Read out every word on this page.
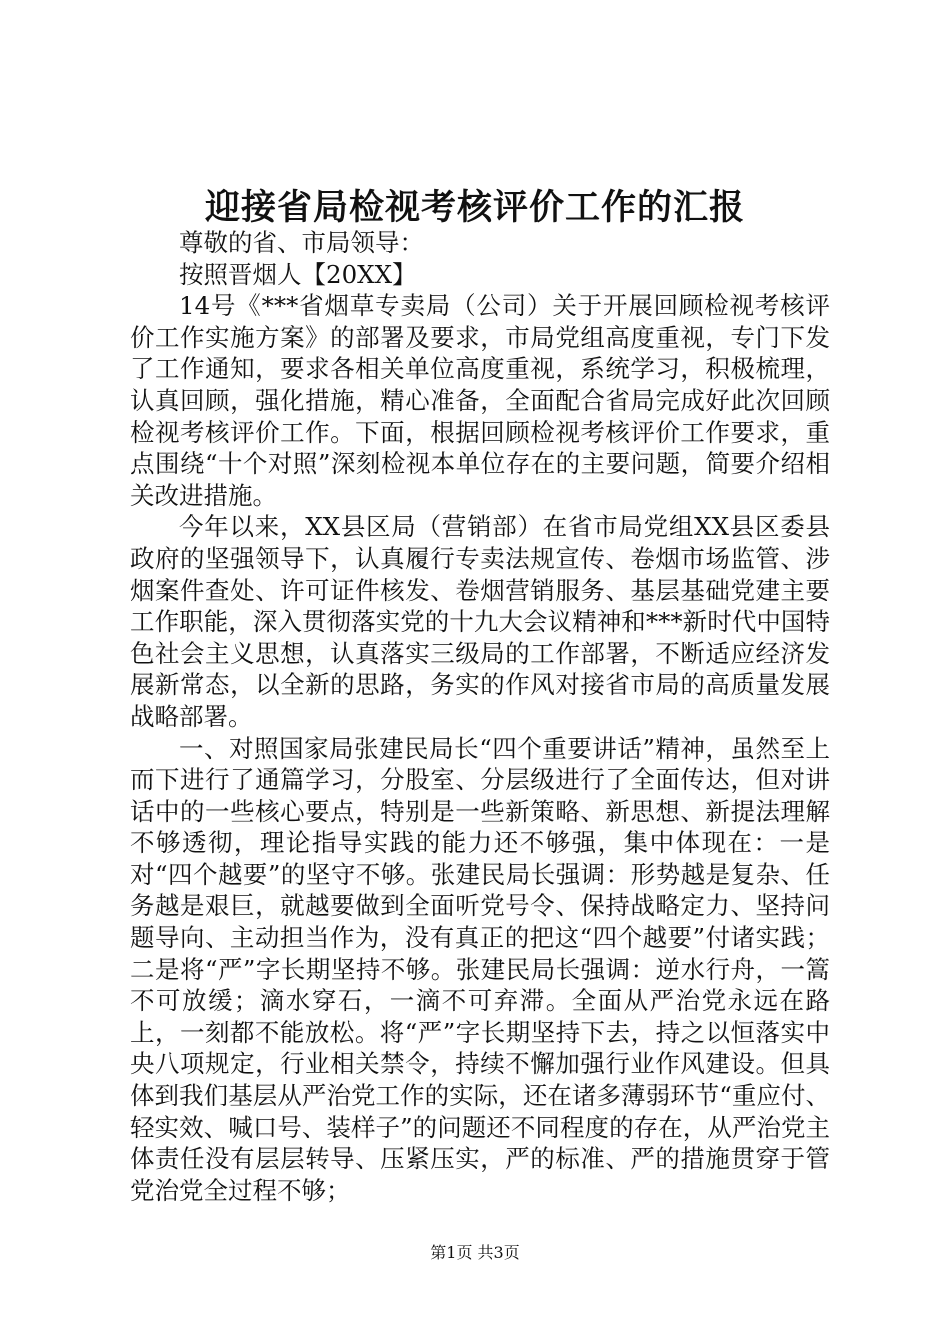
迎接省局检视考核评价工作的汇报

尊敬的省、市局领导：

按照晋烟人【20XX】

14号《***省烟草专卖局（公司）关于开展回顾检视考核评价工作实施方案》的部署及要求，市局党组高度重视，专门下发了工作通知，要求各相关单位高度重视，系统学习，积极梳理，认真回顾，强化措施，精心准备，全面配合省局完成好此次回顾检视考核评价工作。下面，根据回顾检视考核评价工作要求，重点围绕“十个对照”深刻检视本单位存在的主要问题，简要介绍相关改进措施。

今年以来，XX县区局（营销部）在省市局党组XX县区委县政府的坚强领导下，认真履行专卖法规宣传、卷烟市场监管、涉烟案件查处、许可证件核发、卷烟营销服务、基层基础党建主要工作职能，深入贯彻落实党的十九大会议精神和***新时代中国特色社会主义思想，认真落实三级局的工作部署，不断适应经济发展新常态，以全新的思路，务实的作风对接省市局的高质量发展战略部署。

一、对照国家局张建民局长“四个重要讲话”精神，虽然至上而下进行了通篇学习，分股室、分层级进行了全面传达，但对讲话中的一些核心要点，特别是一些新策略、新思想、新提法理解不够透彻，理论指导实践的能力还不够强，集中体现在：一是对“四个越要”的坚守不够。张建民局长强调：形势越是复杂、任务越是艰巨，就越要做到全面听党号令、保持战略定力、坚持问题导向、主动担当作为，没有真正的把这“四个越要”付诸实践；二是将“严”字长期坚持不够。张建民局长强调：逆水行舟，一篙不可放缓；滴水穿石，一滴不可弃滞。全面从严治党永远在路上，一刻都不能放松。将“严”字长期坚持下去，持之以恒落实中央八项规定，行业相关禁令，持续不懈加强行业作风建设。但具体到我们基层从严治党工作的实际，还在诸多薄弱环节“重应付、轻实效、喊口号、装样子”的问题还不同程度的存在，从严治党主体责任没有层层转导、压紧压实，严的标准、严的措施贯穿于管党治党全过程不够；

第1页 共3页
